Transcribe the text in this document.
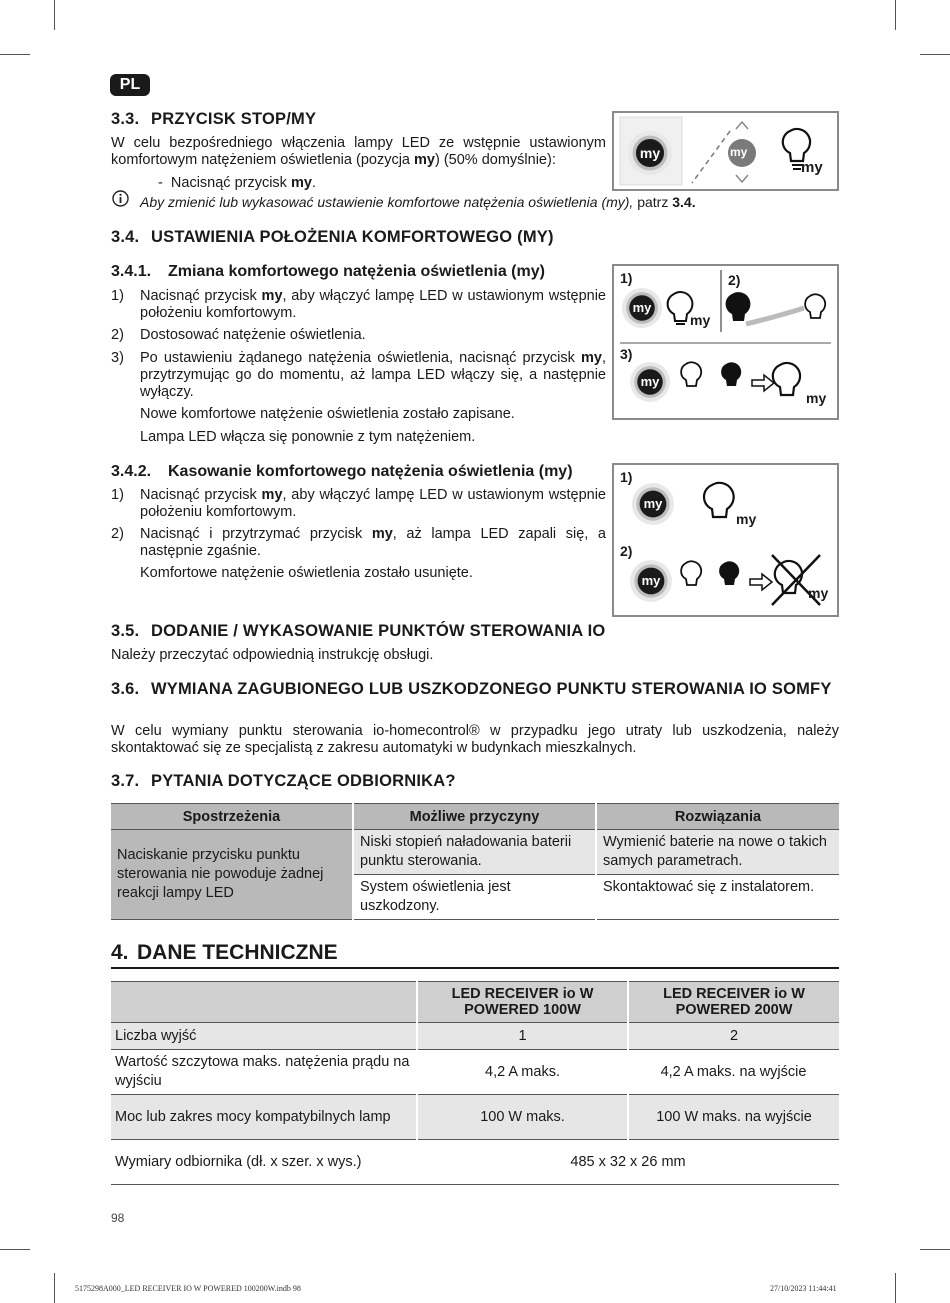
PL
3.3. PRZYCISK STOP/MY
W celu bezpośredniego włączenia lampy LED ze wstępnie ustawionym komfortowym natężeniem oświetlenia (pozycja my) (50% domyślnie):
- Nacisnąć przycisk my.
Aby zmienić lub wykasować ustawienie komfortowe natężenia oświetlenia (my), patrz 3.4.
my	my
my
3.4. USTAWIENIA POŁOŻENIA KOMFORTOWEGO (MY)
3.4.1. Zmiana komfortowego natężenia oświetlenia (my)
1) Nacisnąć przycisk my, aby włączyć lampę LED w ustawionym wstępnie położeniu komfortowym.
2) Dostosować natężenie oświetlenia.
3) Po ustawieniu żądanego natężenia oświetlenia, nacisnąć przycisk my, przytrzymując go do momentu, aż lampa LED włączy się, a następnie wyłączy.
Nowe komfortowe natężenie oświetlenia zostało zapisane.
Lampa LED włącza się ponownie z tym natężeniem.
1)	2)
3)
my
my
my
my
3.4.2. Kasowanie komfortowego natężenia oświetlenia (my)
1) Nacisnąć przycisk my, aby włączyć lampę LED w ustawionym wstępnie położeniu komfortowym.
2) Nacisnąć i przytrzymać przycisk my, aż lampa LED zapali się, a następnie zgaśnie.
Komfortowe natężenie oświetlenia zostało usunięte.
1)
2)
my
my
my
my
3.5. DODANIE / WYKASOWANIE PUNKTÓW STEROWANIA IO
Należy przeczytać odpowiednią instrukcję obsługi.
3.6. WYMIANA ZAGUBIONEGO LUB USZKODZONEGO PUNKTU STEROWANIA IO SOMFY
W celu wymiany punktu sterowania io-homecontrol® w przypadku jego utraty lub uszkodzenia, należy skontaktować się ze specjalistą z zakresu automatyki w budynkach mieszkalnych.
3.7. PYTANIA DOTYCZĄCE ODBIORNIKA?
Spostrzeżenia	Możliwe przyczyny	Rozwiązania
Naciskanie przycisku punktu sterowania nie powoduje żadnej reakcji lampy LED	Niski stopień naładowania baterii punktu sterowania.	Wymienić baterie na nowe o takich samych parametrach.
	System oświetlenia jest uszkodzony.	Skontaktować się z instalatorem.
4. DANE TECHNICZNE
	LED RECEIVER io W POWERED 100W	LED RECEIVER io W POWERED 200W
Liczba wyjść	1	2
Wartość szczytowa maks. natężenia prądu na wyjściu	4,2 A maks.	4,2 A maks. na wyjście
Moc lub zakres mocy kompatybilnych lamp	100 W maks.	100 W maks. na wyjście
Wymiary odbiornika (dł. x szer. x wys.)	485 x 32 x 26 mm	
98
5175298A000_LED RECEIVER IO W POWERED 100200W.indb 98	27/10/2023 11:44:41
